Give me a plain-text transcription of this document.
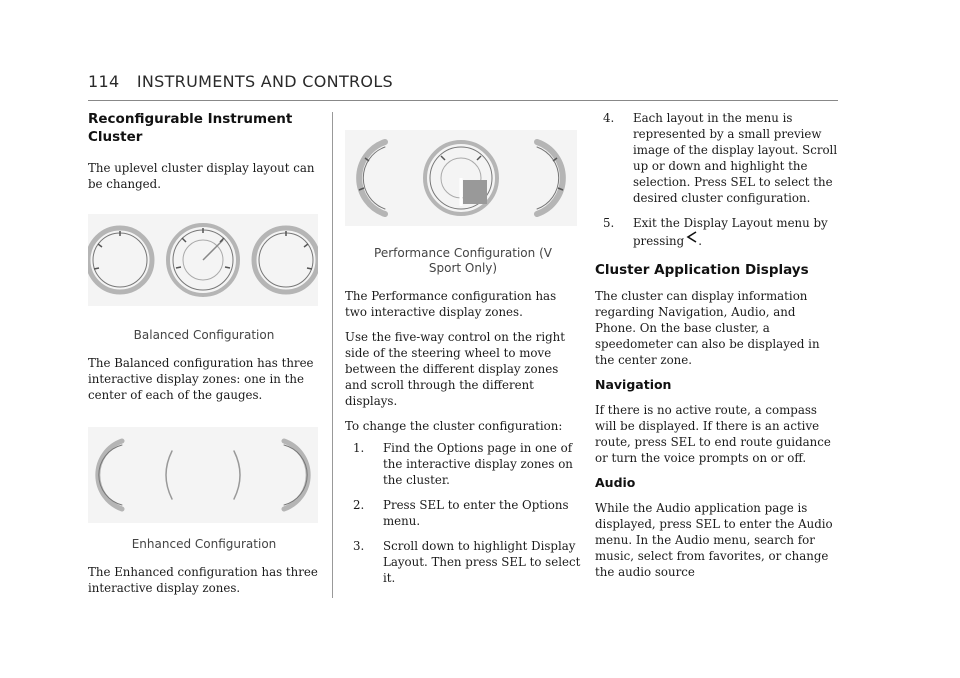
114 INSTRUMENTS AND CONTROLS
Reconfigurable Instrument Cluster

The uplevel cluster display layout can be changed.

Balanced Configuration

The Balanced configuration has three interactive display zones: one in the center of each of the gauges.

Enhanced Configuration

The Enhanced configuration has three interactive display zones.

Performance Configuration (V Sport Only)

The Performance configuration has two interactive display zones.

Use the five-way control on the right side of the steering wheel to move between the different display zones and scroll through the different displays.

To change the cluster configuration:

1. Find the Options page in one of the interactive display zones on the cluster.
2. Press SEL to enter the Options menu.
3. Scroll down to highlight Display Layout. Then press SEL to select it.
4. Each layout in the menu is represented by a small preview image of the display layout. Scroll up or down and highlight the selection. Press SEL to select the desired cluster configuration.
5. Exit the Display Layout menu by pressing .
Cluster Application Displays

The cluster can display information regarding Navigation, Audio, and Phone. On the base cluster, a speedometer can also be displayed in the center zone.

Navigation

If there is no active route, a compass will be displayed. If there is an active route, press SEL to end route guidance or turn the voice prompts on or off.

Audio

While the Audio application page is displayed, press SEL to enter the Audio menu. In the Audio menu, search for music, select from favorites, or change the audio source
